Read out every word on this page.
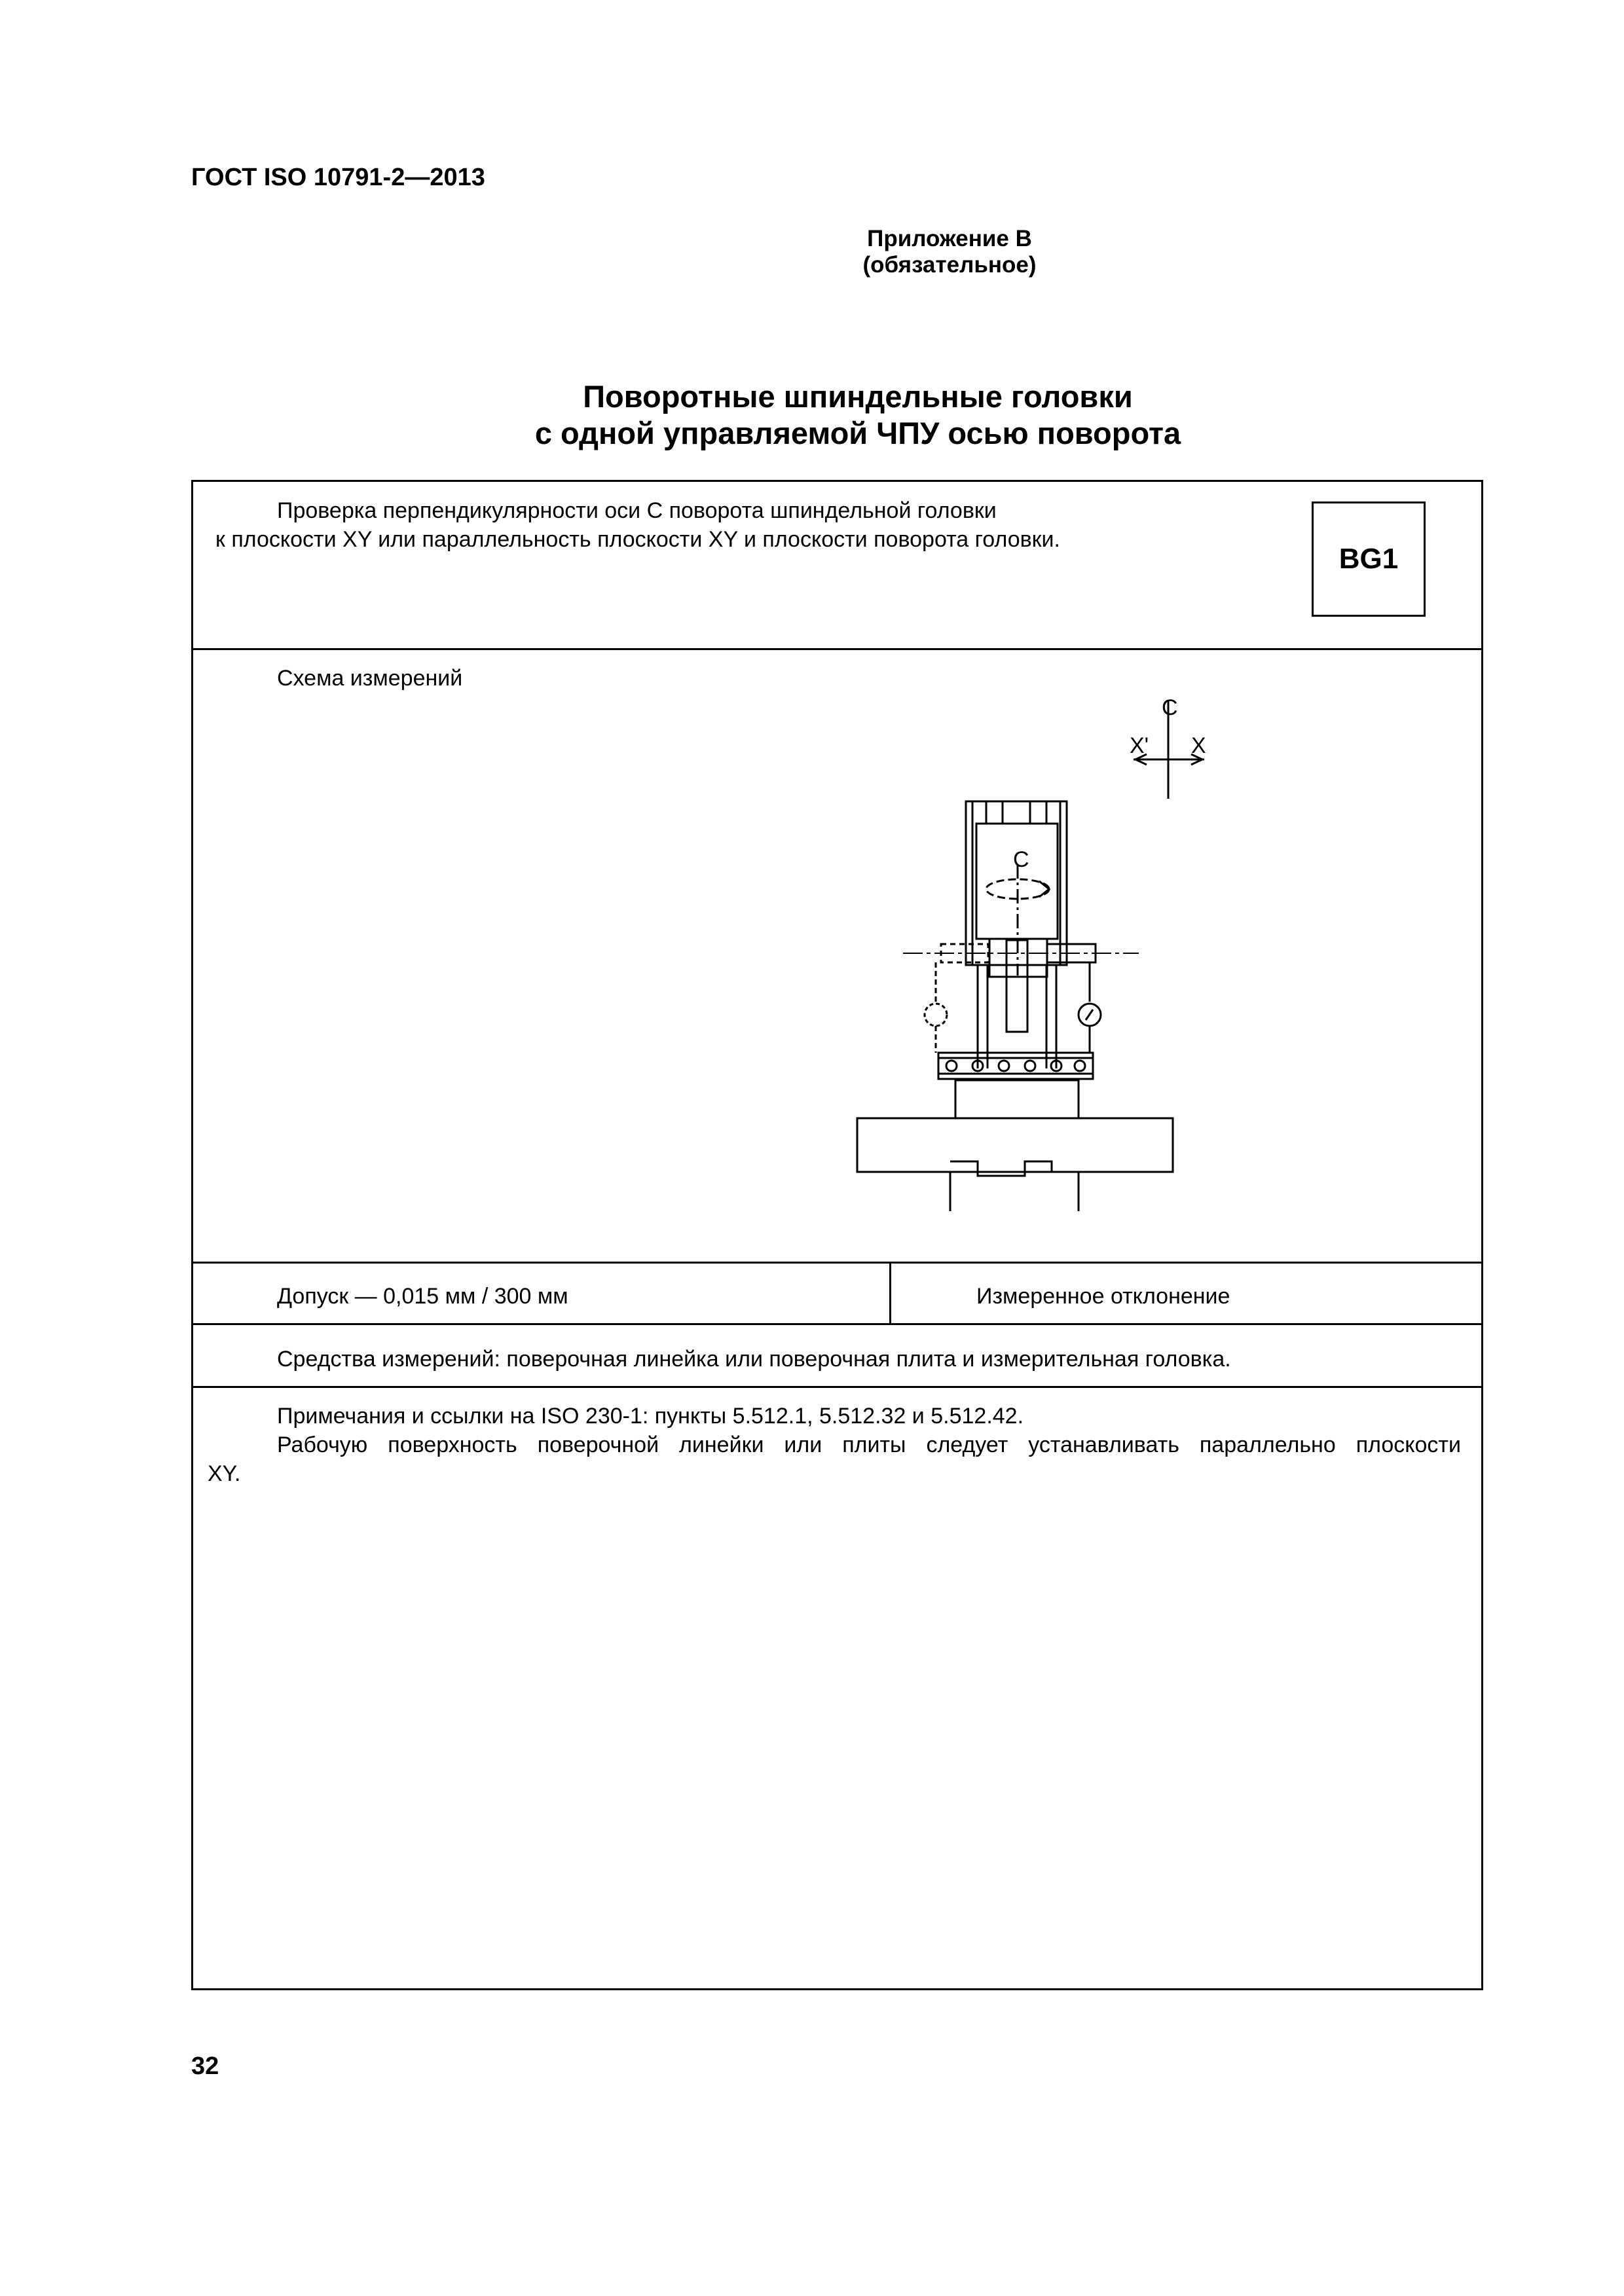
ГОСТ ISO 10791-2—2013
Приложение В
(обязательное)
Поворотные шпиндельные головки
с одной управляемой ЧПУ осью поворота
Проверка перпендикулярности оси С поворота шпиндельной головки
к плоскости XY или параллельность плоскости XY и плоскости поворота головки.
BG1
Схема измерений
C
X' X
C
Допуск — 0,015 мм / 300 мм	Измеренное отклонение
Средства измерений: поверочная линейка или поверочная плита и измерительная головка.
Примечания и ссылки на ISO 230-1: пункты 5.512.1, 5.512.32 и 5.512.42.
Рабочую поверхность поверочной линейки или плиты следует устанавливать параллельно плоскости
XY.
32
